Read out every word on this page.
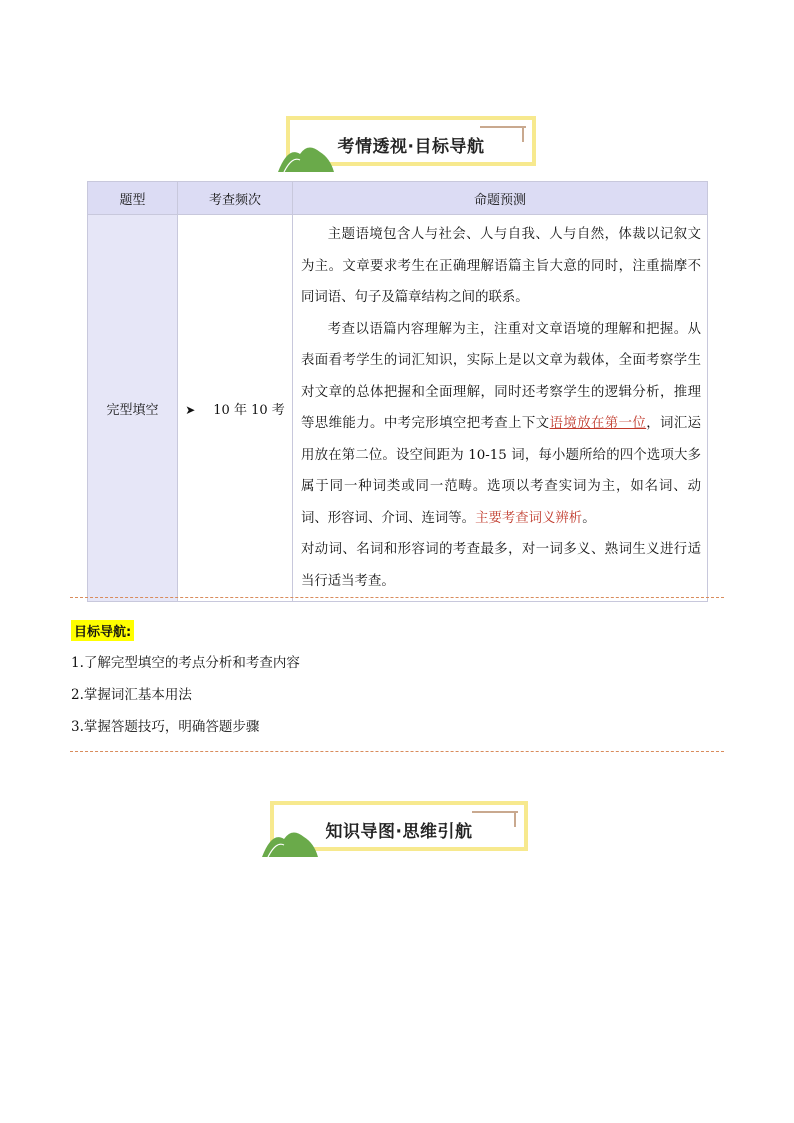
考情透视·目标导航
题型	考查频次	命题预测
完型填空	➤ 10 年 10 考	主题语境包含人与社会、人与自我、人与自然，体裁以记叙文为主。文章要求考生在正确理解语篇主旨大意的同时，注重揣摩不同词语、句子及篇章结构之间的联系。

考查以语篇内容理解为主，注重对文章语境的理解和把握。从表面看考学生的词汇知识，实际上是以文章为载体，全面考察学生对文章的总体把握和全面理解，同时还考察学生的逻辑分析，推理等思维能力。中考完形填空把考查上下文语境放在第一位，词汇运用放在第二位。设空间距为 10-15 词，每小题所给的四个选项大多属于同一种词类或同一范畴。选项以考查实词为主，如名词、动词、形容词、介词、连词等。主要考查词义辨析。

对动词、名词和形容词的考查最多，对一词多义、熟词生义进行适当行适当考查。

目标导航:
1.了解完型填空的考点分析和考查内容
2.掌握词汇基本用法
3.掌握答题技巧，明确答题步骤
知识导图·思维引航
